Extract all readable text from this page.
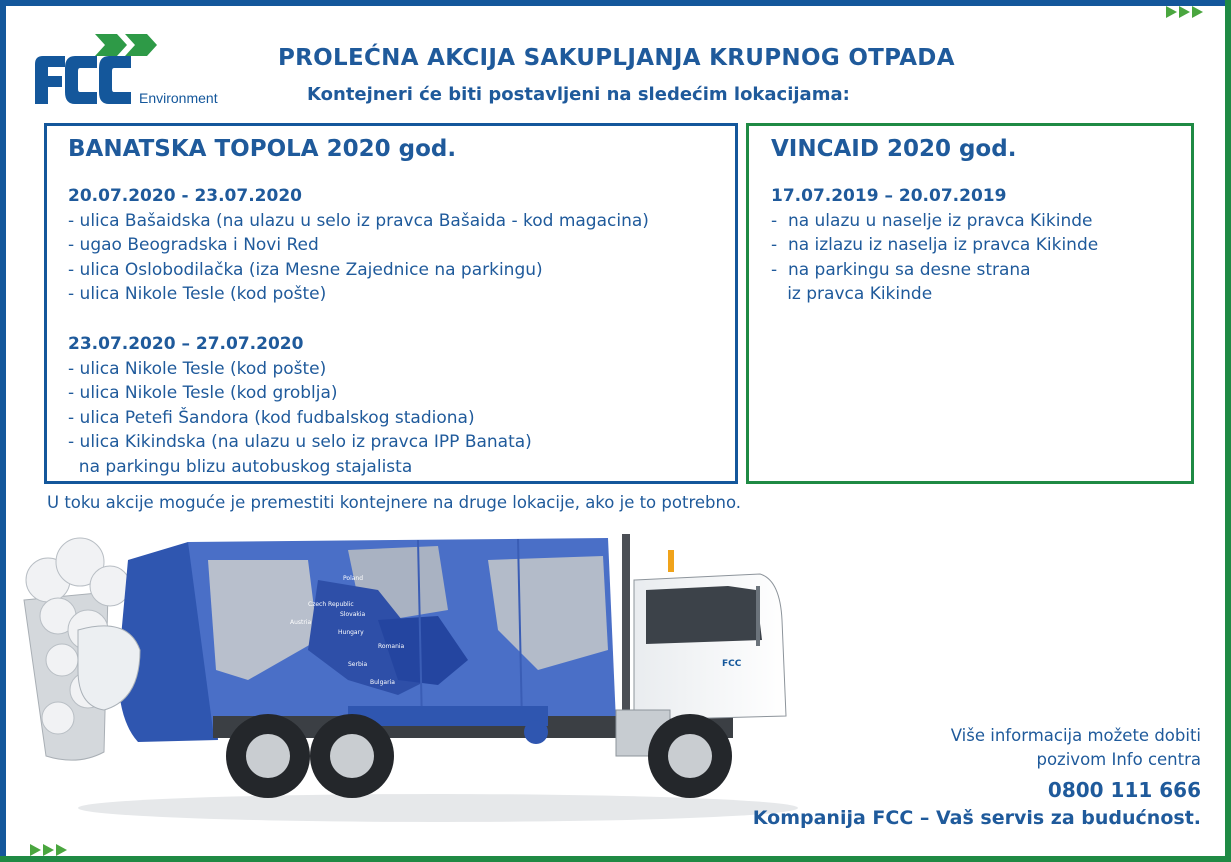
Environment
PROLEĆNA AKCIJA SAKUPLJANJA KRUPNOG OTPADA
Kontejneri će biti postavljeni na sledećim lokacijama:
BANATSKA TOPOLA 2020 god.
20.07.2020 - 23.07.2020
- ulica Bašaidska (na ulazu u selo iz pravca Bašaida - kod magacina)
- ugao Beogradska i Novi Red
- ulica Oslobodilačka (iza Mesne Zajednice na parkingu)
- ulica Nikole Tesle (kod pošte)
23.07.2020 – 27.07.2020
- ulica Nikole Tesle (kod pošte)
- ulica Nikole Tesle (kod groblja)
- ulica Petefi Šandora (kod fudbalskog stadiona)
- ulica Kikindska (na ulazu u selo iz pravca IPP Banata)
na parkingu blizu autobuskog stajalista
VINCAID 2020 god.
17.07.2019 – 20.07.2019
-  na ulazu u naselje iz pravca Kikinde
-  na izlazu iz naselja iz pravca Kikinde
-  na parkingu sa desne strana
iz pravca Kikinde
U toku akcije moguće je premestiti kontejnere na druge lokacije, ako je to potrebno.
Poland
Czech Republic
Slovakia
Austria
Hungary
Romania
Serbia
Bulgaria
FCC
Više informacija možete dobiti
pozivom Info centra
0800 111 666
Kompanija FCC – Vaš servis za budućnost.
